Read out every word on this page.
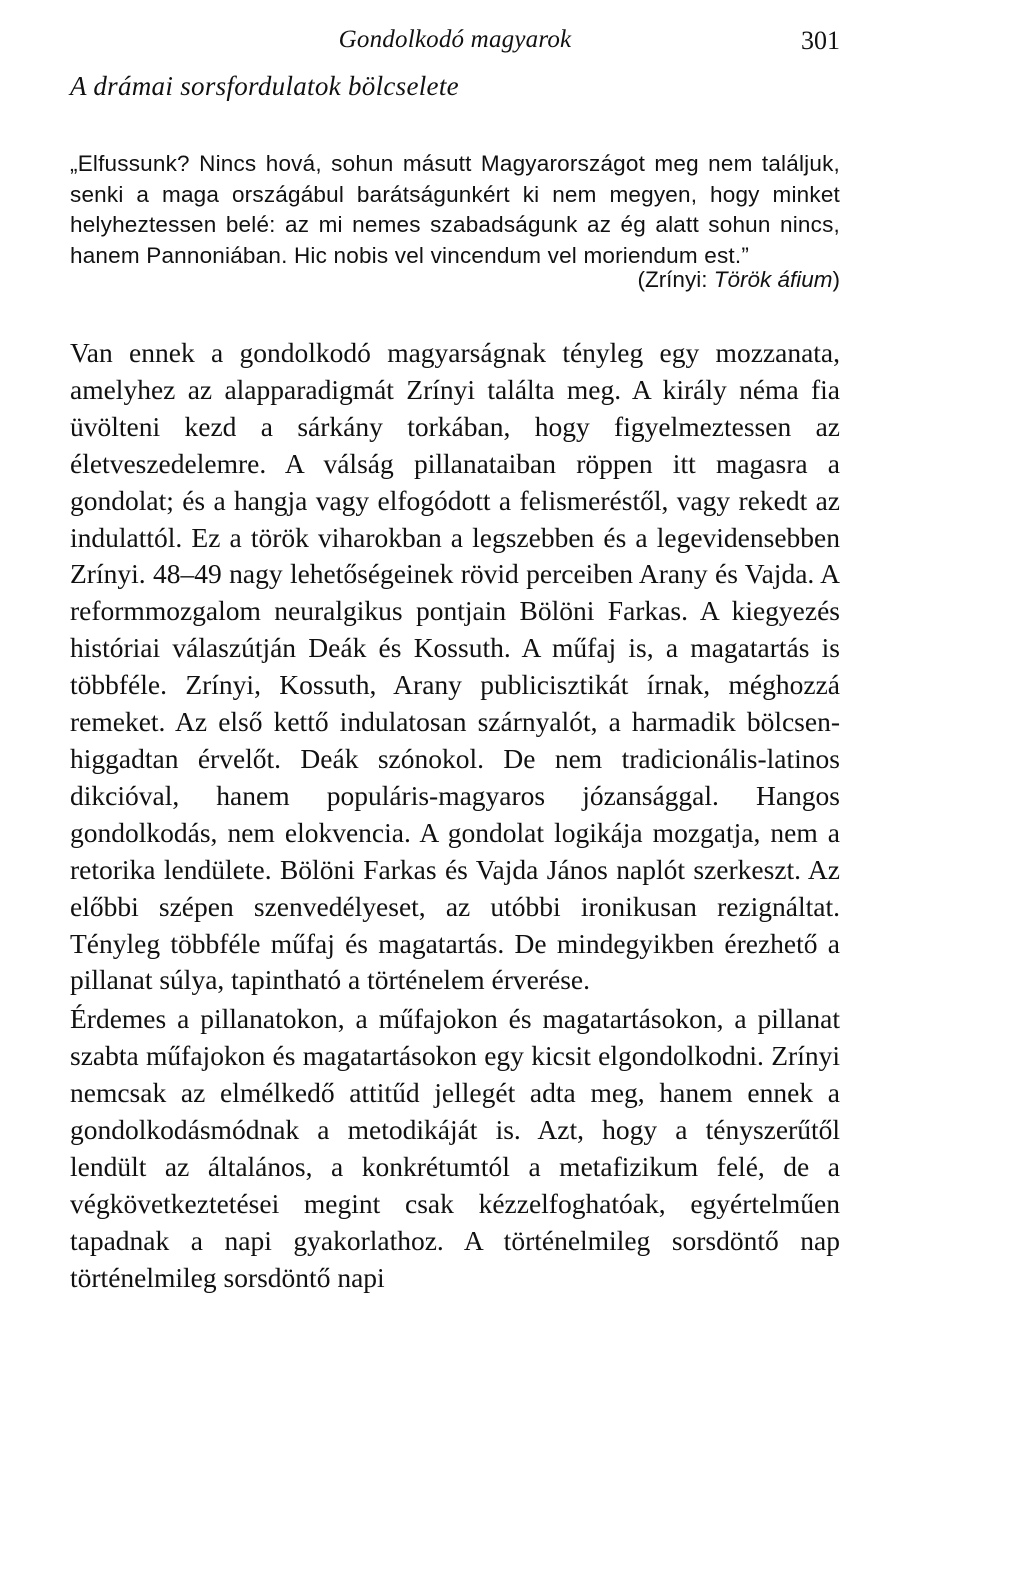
Gondolkodó magyarok	301
A drámai sorsfordulatok bölcselete

„Elfussunk? Nincs hová, sohun másutt Magyarországot meg nem találjuk, senki a maga országábul barátságunkért ki nem megyen, hogy minket helyheztessen belé: az mi nemes szabadságunk az ég alatt sohun nincs, hanem Pannoniában. Hic nobis vel vincendum vel moriendum est.”

(Zrínyi: Török áfium)

Van ennek a gondolkodó magyarságnak tényleg egy mozzanata, amelyhez az alapparadigmát Zrínyi találta meg. A király néma fia üvölteni kezd a sárkány torkában, hogy figyelmeztessen az életveszedelemre. A válság pillanataiban röppen itt magasra a gondolat; és a hangja vagy elfogódott a felismeréstől, vagy rekedt az indulattól. Ez a török viharokban a legszebben és a legevidensebben Zrínyi. 48–49 nagy lehetőségeinek rövid perceiben Arany és Vajda. A reformmozgalom neuralgikus pontjain Bölöni Farkas. A kiegyezés históriai válaszútján Deák és Kossuth. A műfaj is, a magatartás is többféle. Zrínyi, Kossuth, Arany publicisztikát írnak, méghozzá remeket. Az első kettő indulatosan szárnyalót, a harmadik bölcsen-higgadtan érvelőt. Deák szónokol. De nem tradicionális-latinos dikcióval, hanem populáris-magyaros józansággal. Hangos gondolkodás, nem elokvencia. A gondolat logikája mozgatja, nem a retorika lendülete. Bölöni Farkas és Vajda János naplót szerkeszt. Az előbbi szépen szenvedélyeset, az utóbbi ironikusan rezignáltat. Tényleg többféle műfaj és magatartás. De mindegyikben érezhető a pillanat súlya, tapintható a történelem érverése.

Érdemes a pillanatokon, a műfajokon és magatartásokon, a pillanat szabta műfajokon és magatartásokon egy kicsit elgondolkodni. Zrínyi nemcsak az elmélkedő attitűd jellegét adta meg, hanem ennek a gondolkodásmódnak a metodikáját is. Azt, hogy a tényszerűtől lendült az általános, a konkrétumtól a metafizikum felé, de a végkövetkeztetései megint csak kézzelfoghatóak, egyértelműen tapadnak a napi gyakorlathoz. A történelmileg sorsdöntő nap történelmileg sorsdöntő napi
